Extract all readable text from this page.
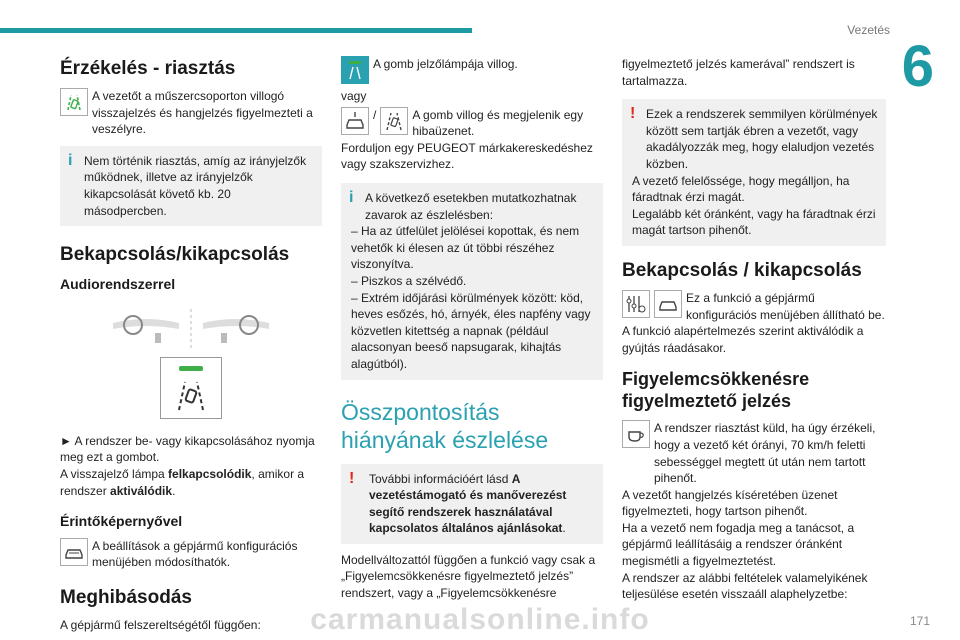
Vezetés
6
Érzékelés - riasztás

A vezetőt a műszercsoporton villogó visszajelzés és hangjelzés figyelmezteti a veszélyre.

i Nem történik riasztás, amíg az irányjelzők működnek, illetve az irányjelzők kikapcsolását követő kb. 20 másodpercben.

Bekapcsolás/kikapcsolás
Audiorendszerrel

► A rendszer be- vagy kikapcsolásához nyomja meg ezt a gombot.

A visszajelző lámpa felkapcsolódik, amikor a rendszer aktiválódik.

Érintőképernyővel

A beállítások a gépjármű konfigurációs menüjében módosíthatók.

Meghibásodás

A gépjármű felszereltségétől függően:

A gomb jelzőlámpája villog.

vagy

/	A gomb villog és megjelenik egy hibaüzenet.

Forduljon egy PEUGEOT márkakereskedéshez vagy szakszervizhez.

i A következő esetekben mutatkozhatnak zavarok az észlelésben:

– Ha az útfelület jelölései kopottak, és nem vehetők ki élesen az út többi részéhez viszonyítva.

– Piszkos a szélvédő.

– Extrém időjárási körülmények között: köd, heves esőzés, hó, árnyék, éles napfény vagy közvetlen kitettség a napnak (például alacsonyan beeső napsugarak, kihajtás alagútból).

Összpontosítás hiányának észlelése
!	További információért lásd A vezetéstámogató és manőverezést segítő rendszerek használatával kapcsolatos általános ajánlásokat.

Modellváltozattól függően a funkció vagy csak a „Figyelemcsökkenésre figyelmeztető jelzés” rendszert, vagy a „Figyelemcsökkenésre

figyelmeztető jelzés kamerával” rendszert is tartalmazza.

! Ezek a rendszerek semmilyen körülmények között sem tartják ébren a vezetőt, vagy akadályozzák meg, hogy elaludjon vezetés közben.

A vezető felelőssége, hogy megálljon, ha fáradtnak érzi magát.

Legalább két óránként, vagy ha fáradtnak érzi magát tartson pihenőt.

Bekapcsolás / kikapcsolás

Ez a funkció a gépjármű konfigurációs menüjében állítható be.

A funkció alapértelmezés szerint aktiválódik a gyújtás ráadásakor.

Figyelemcsökkenésre figyelmeztető jelzés

A rendszer riasztást küld, ha úgy érzékeli, hogy a vezető két órányi, 70 km/h feletti sebességgel megtett út után nem tartott pihenőt.

A vezetőt hangjelzés kíséretében üzenet figyelmezteti, hogy tartson pihenőt.

Ha a vezető nem fogadja meg a tanácsot, a gépjármű leállításáig a rendszer óránként megismétli a figyelmeztetést.

A rendszer az alábbi feltételek valamelyikének teljesülése esetén visszaáll alaphelyzetbe:

carmanualsonline.info	171
